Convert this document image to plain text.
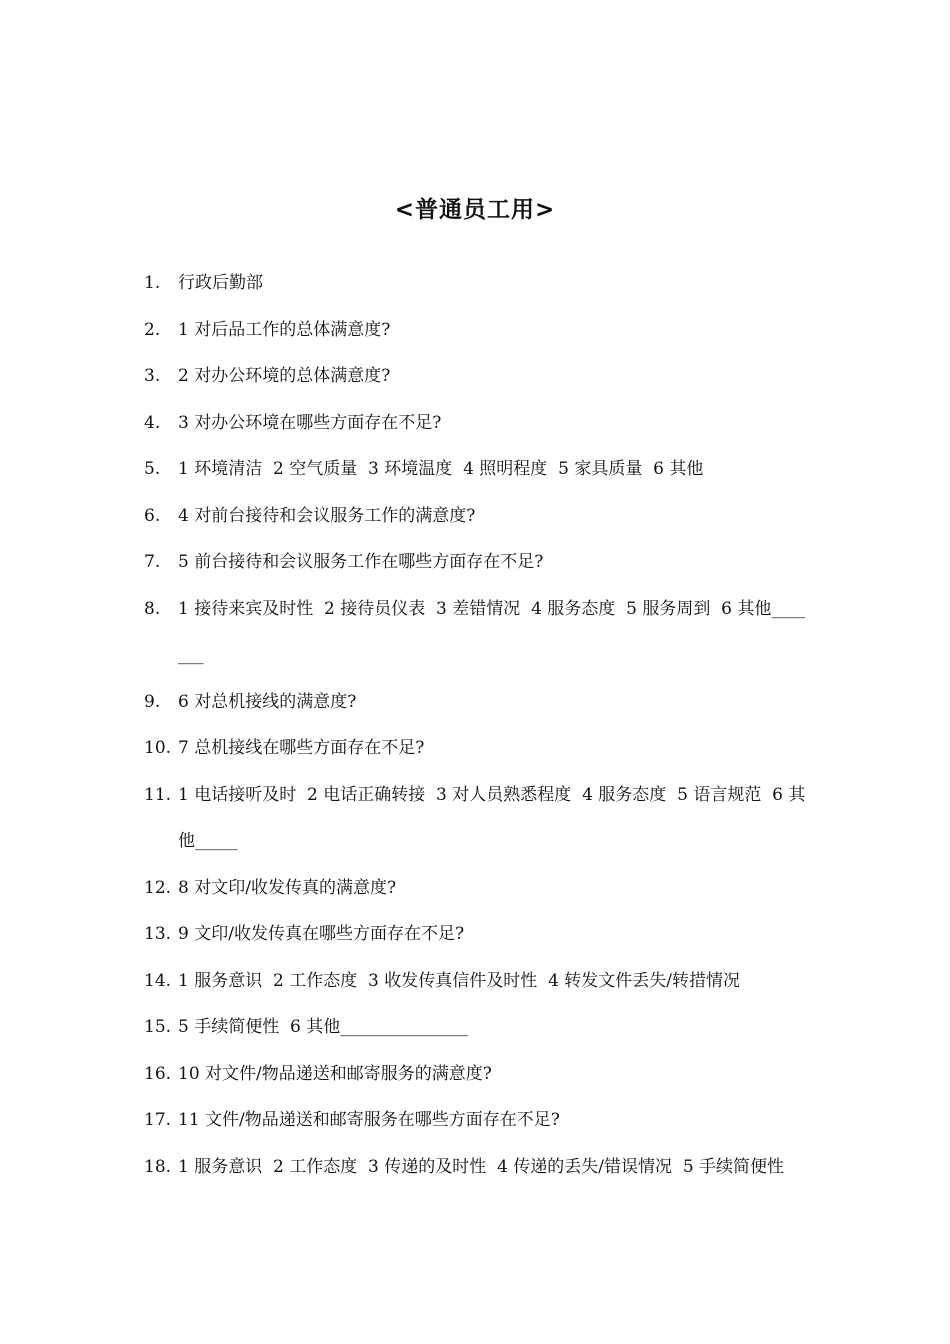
<普通员工用>
1.	行政后勤部
2.	1 对后品工作的总体满意度?
3.	2 对办公环境的总体满意度?
4.	3 对办公环境在哪些方面存在不足?
5.	1 环境清洁  2 空气质量  3 环境温度  4 照明程度  5 家具质量  6 其他
6.	4 对前台接待和会议服务工作的满意度?
7.	5 前台接待和会议服务工作在哪些方面存在不足?
8.	1 接待来宾及时性  2 接待员仪表  3 差错情况  4 服务态度  5 服务周到  6 其他_______
9.	6 对总机接线的满意度?
10. 7 总机接线在哪些方面存在不足?
11. 1 电话接听及时  2 电话正确转接  3 对人员熟悉程度  4 服务态度  5 语言规范  6 其他_____
12. 8 对文印/收发传真的满意度?
13. 9 文印/收发传真在哪些方面存在不足?
14. 1 服务意识  2 工作态度  3 收发传真信件及时性  4 转发文件丢失/转措情况
15. 5 手续简便性  6 其他_______________
16. 10 对文件/物品递送和邮寄服务的满意度?
17. 11 文件/物品递送和邮寄服务在哪些方面存在不足?
18. 1 服务意识  2 工作态度  3 传递的及时性  4 传递的丢失/错误情况  5 手续简便性
